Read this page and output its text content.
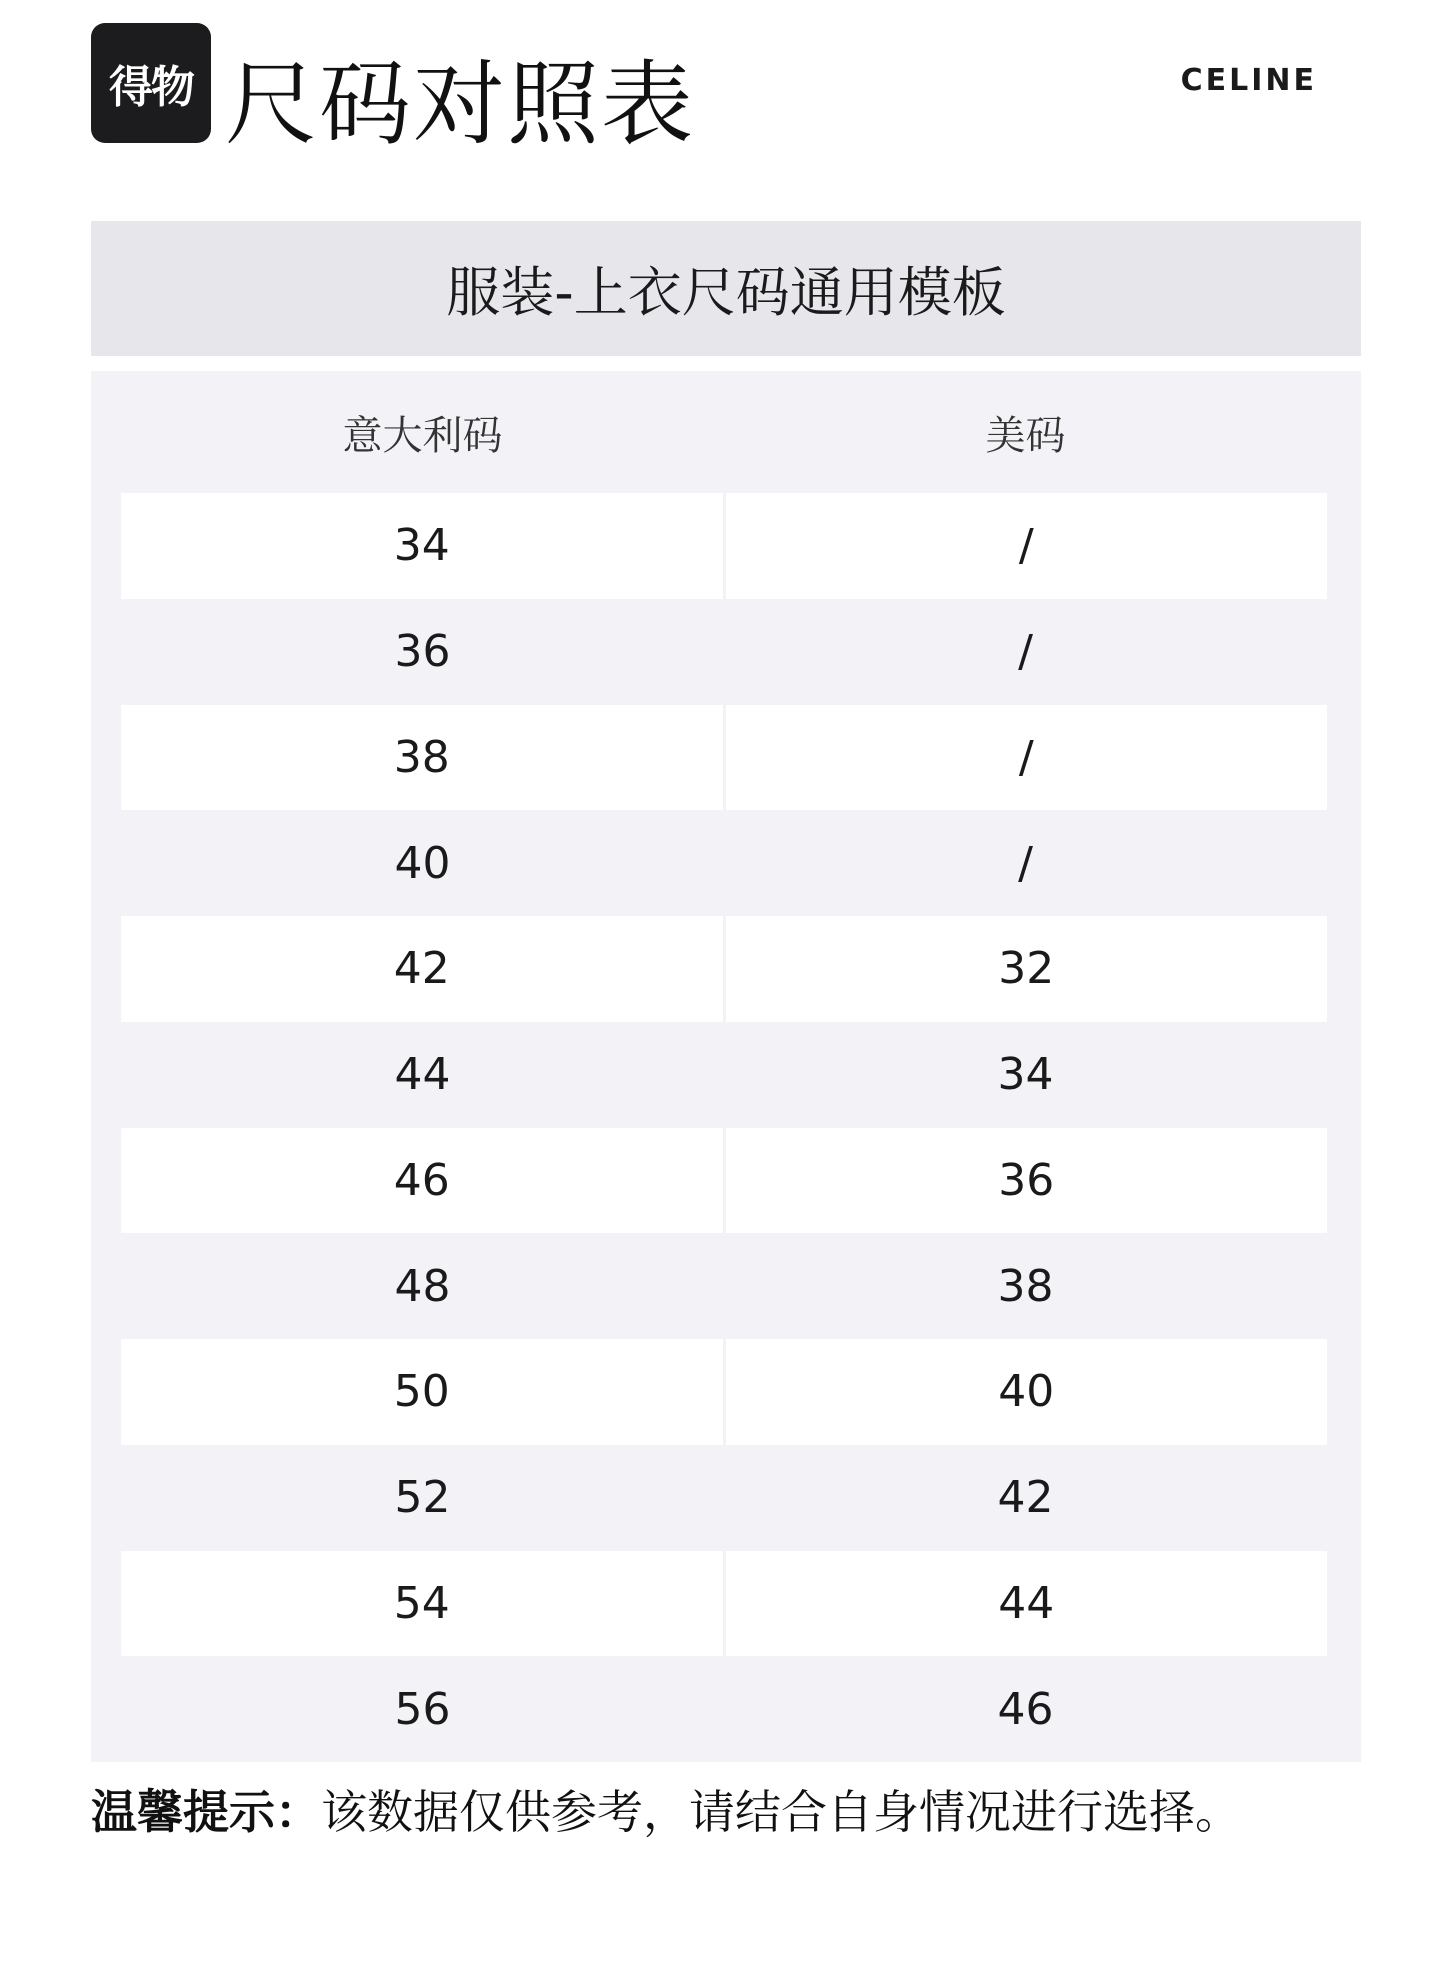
得物 尺码对照表	CELINE
服装-上衣尺码通用模板
意大利码	美码
34	/
36	/
38	/
40	/
42	32
44	34
46	36
48	38
50	40
52	42
54	44
56	46
温馨提示：该数据仅供参考，请结合自身情况进行选择。
